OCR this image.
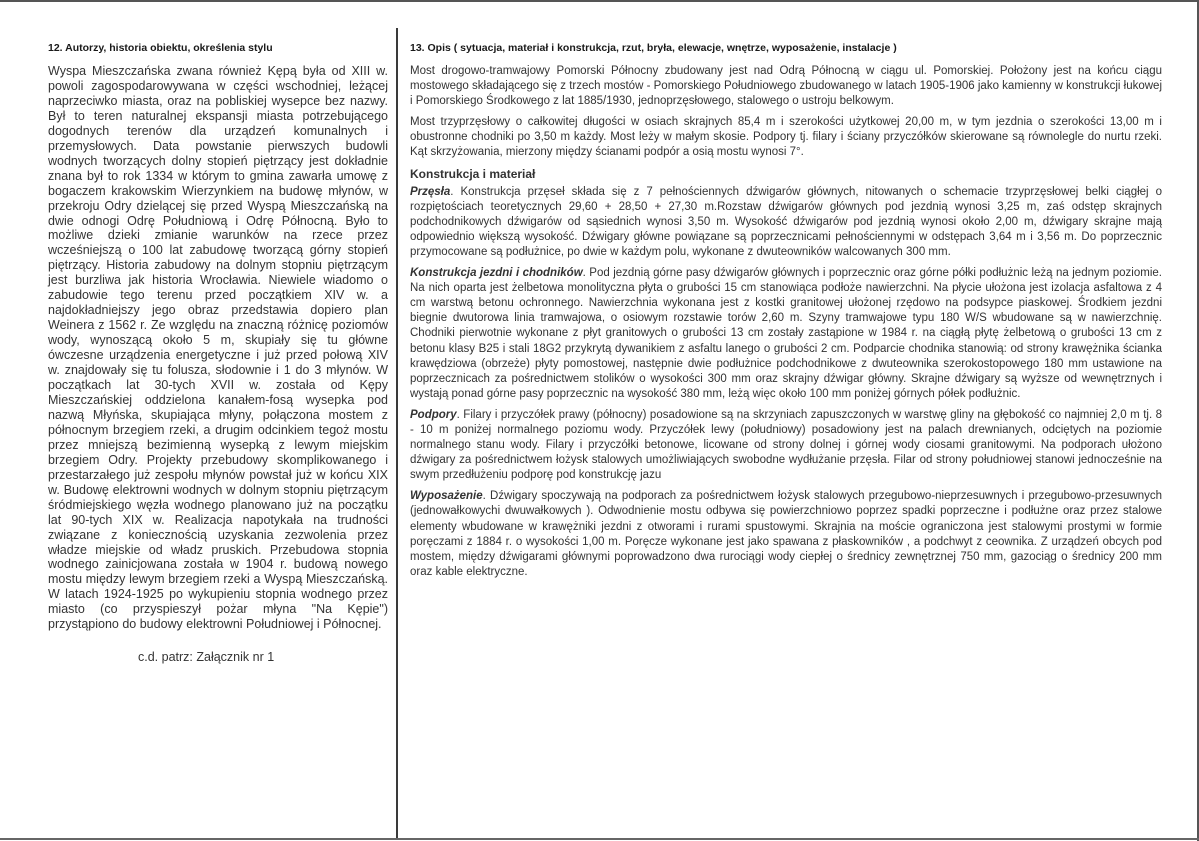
12. Autorzy, historia obiektu, określenia stylu

Wyspa Mieszczańska zwana również Kępą była od XIII w. powoli zagospodarowywana w części wschodniej, leżącej naprzeciwko miasta, oraz na pobliskiej wysepce bez nazwy. Był to teren naturalnej ekspansji miasta potrzebującego dogodnych terenów dla urządzeń komunalnych i przemysłowych. Data powstanie pierwszych budowli wodnych tworzących dolny stopień piętrzący jest dokładnie znana był to rok 1334 w którym to gmina zawarła umowę z bogaczem krakowskim Wierzynkiem na budowę młynów, w przekroju Odry dzielącej się przed Wyspą Mieszczańską na dwie odnogi Odrę Południową i Odrę Północną. Było to możliwe dzieki zmianie warunków na rzece przez wcześniejszą o 100 lat zabudowę tworzącą górny stopień piętrzący. Historia zabudowy na dolnym stopniu piętrzącym jest burzliwa jak historia Wrocławia. Niewiele wiadomo o zabudowie tego terenu przed początkiem XIV w. a najdokładniejszy jego obraz przedstawia dopiero plan Weinera z 1562 r. Ze względu na znaczną różnicę poziomów wody, wynoszącą około 5 m, skupiały się tu główne ówczesne urządzenia energetyczne i już przed połową XIV w. znajdowały się tu folusza, słodownie i 1 do 3 młynów. W początkach lat 30-tych XVII w. została od Kępy Mieszczańskiej oddzielona kanałem-fosą wysepka pod nazwą Młyńska, skupiająca młyny, połączona mostem z północnym brzegiem rzeki, a drugim odcinkiem tegoż mostu przez mniejszą bezimienną wysepką z lewym miejskim brzegiem Odry. Projekty przebudowy skomplikowanego i przestarzałego już zespołu młynów powstał już w końcu XIX w. Budowę elektrowni wodnych w dolnym stopniu piętrzącym śródmiejskiego węzła wodnego planowano już na początku lat 90-tych XIX w. Realizacja napotykała na trudności związane z koniecznością uzyskania zezwolenia przez władze miejskie od władz pruskich. Przebudowa stopnia wodnego zainicjowana została w 1904 r. budową nowego mostu między lewym brzegiem rzeki a Wyspą Mieszczańską. W latach 1924-1925 po wykupieniu stopnia wodnego przez miasto (co przyspieszył pożar młyna "Na Kępie") przystąpiono do budowy elektrowni Południowej i Północnej.

c.d. patrz: Załącznik nr 1
13. Opis ( sytuacja, materiał i konstrukcja, rzut, bryła, elewacje, wnętrze, wyposażenie, instalacje )

Most drogowo-tramwajowy Pomorski Północny zbudowany jest nad Odrą Północną w ciągu ul. Pomorskiej. Położony jest na końcu ciągu mostowego składającego się z trzech mostów - Pomorskiego Południowego zbudowanego w latach 1905-1906 jako kamienny w konstrukcji łukowej i Pomorskiego Środkowego z lat 1885/1930, jednoprzęsłowego, stalowego o ustroju belkowym.

Most trzyprzęsłowy o całkowitej długości w osiach skrajnych 85,4 m i szerokości użytkowej 20,00 m, w tym jezdnia o szerokości 13,00 m i obustronne chodniki po 3,50 m każdy. Most leży w małym skosie. Podpory tj. filary i ściany przyczółków skierowane są równolegle do nurtu rzeki. Kąt skrzyżowania, mierzony między ścianami podpór a osią mostu wynosi 7°.

Konstrukcja i materiał

Przęsła. Konstrukcja przęseł składa się z 7 pełnościennych dźwigarów głównych, nitowanych o schemacie trzyprzęsłowej belki ciągłej o rozpiętościach teoretycznych 29,60 + 28,50 + 27,30 m.Rozstaw dźwigarów głównych pod jezdnią wynosi 3,25 m, zaś odstęp skrajnych podchodnikowych dźwigarów od sąsiednich wynosi 3,50 m. Wysokość dźwigarów pod jezdnią wynosi około 2,00 m, dźwigary skrajne mają odpowiednio większą wysokość. Dźwigary główne powiązane są poprzecznicami pełnościennymi w odstępach 3,64 m i 3,56 m. Do poprzecznic przymocowane są podłużnice, po dwie w każdym polu, wykonane z dwuteowników walcowanych 300 mm.

Konstrukcja jezdni i chodników. Pod jezdnią górne pasy dźwigarów głównych i poprzecznic oraz górne półki podłużnic leżą na jednym poziomie. Na nich oparta jest żelbetowa monolityczna płyta o grubości 15 cm stanowiąca podłoże nawierzchni. Na płycie ułożona jest izolacja asfaltowa z 4 cm warstwą betonu ochronnego. Nawierzchnia wykonana jest z kostki granitowej ułożonej rzędowo na podsypce piaskowej. Środkiem jezdni biegnie dwutorowa linia tramwajowa, o osiowym rozstawie torów 2,60 m. Szyny tramwajowe typu 180 W/S wbudowane są w nawierzchnię. Chodniki pierwotnie wykonane z płyt granitowych o grubości 13 cm zostały zastąpione w 1984 r. na ciągłą płytę żelbetową o grubości 13 cm z betonu klasy B25 i stali 18G2 przykrytą dywanikiem z asfaltu lanego o grubości 2 cm. Podparcie chodnika stanowią: od strony krawężnika ścianka krawędziowa (obrzeże) płyty pomostowej, następnie dwie podłużnice podchodnikowe z dwuteownika szerokostopowego 180 mm ustawione na poprzecznicach za pośrednictwem stolików o wysokości 300 mm oraz skrajny dźwigar główny. Skrajne dźwigary są wyższe od wewnętrznych i wystają ponad górne pasy poprzecznic na wysokość 380 mm, leżą więc około 100 mm poniżej górnych półek podłużnic.

Podpory. Filary i przyczółek prawy (północny) posadowione są na skrzyniach zapuszczonych w warstwę gliny na głębokość co najmniej 2,0 m tj. 8 - 10 m poniżej normalnego poziomu wody. Przyczółek lewy (południowy) posadowiony jest na palach drewnianych, odciętych na poziomie normalnego stanu wody. Filary i przyczółki betonowe, licowane od strony dolnej i górnej wody ciosami granitowymi. Na podporach ułożono dźwigary za pośrednictwem łożysk stalowych umożliwiających swobodne wydłużanie przęsła. Filar od strony południowej stanowi jednocześnie na swym przedłużeniu podporę pod konstrukcję jazu

Wyposażenie. Dźwigary spoczywają na podporach za pośrednictwem łożysk stalowych przegubowo-nieprzesuwnych i przegubowo-przesuwnych (jednowałkowychi dwuwałkowych ). Odwodnienie mostu odbywa się powierzchniowo poprzez spadki poprzeczne i podłużne oraz przez stalowe elementy wbudowane w krawężniki jezdni z otworami i rurami spustowymi. Skrajnia na moście ograniczona jest stalowymi prostymi w formie poręczami z 1884 r. o wysokości 1,00 m. Poręcze wykonane jest jako spawana z płaskowników , a podchwyt z ceownika. Z urządzeń obcych pod mostem, między dźwigarami głównymi poprowadzono dwa rurociągi wody ciepłej o średnicy zewnętrznej 750 mm, gazociąg o średnicy 200 mm oraz kable elektryczne.
